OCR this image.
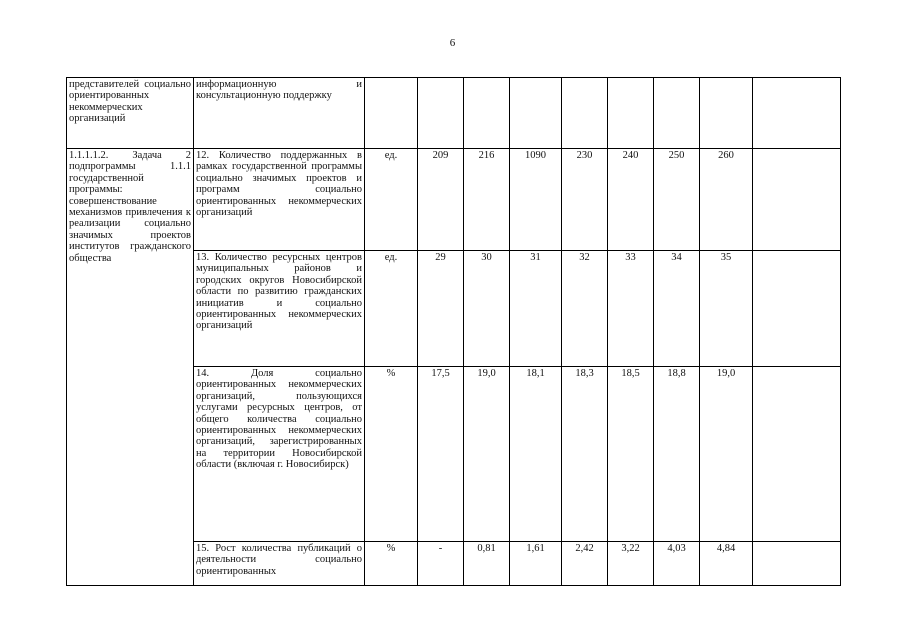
6
представителей социально ориентированных некоммерческих организаций	информационную и консультационную поддержку									
1.1.1.1.2. Задача 2 подпрограммы 1.1.1 государственной программы: совершенствование механизмов привлечения к реализации социально значимых проектов институтов гражданского общества	12. Количество поддержанных в рамках государственной программы социально значимых проектов и программ социально ориентированных некоммерческих организаций	ед.	209	216	1090	230	240	250	260	
	13. Количество ресурсных центров муниципальных районов и городских округов Новосибирской области по развитию гражданских инициатив и социально ориентированных некоммерческих организаций	ед.	29	30	31	32	33	34	35	
	14. Доля социально ориентированных некоммерческих организаций, пользующихся услугами ресурсных центров, от общего количества социально ориентированных некоммерческих организаций, зарегистрированных на территории Новосибирской области (включая г. Новосибирск)	%	17,5	19,0	18,1	18,3	18,5	18,8	19,0	
	15. Рост количества публикаций о деятельности социально ориентированных	%	-	0,81	1,61	2,42	3,22	4,03	4,84	
